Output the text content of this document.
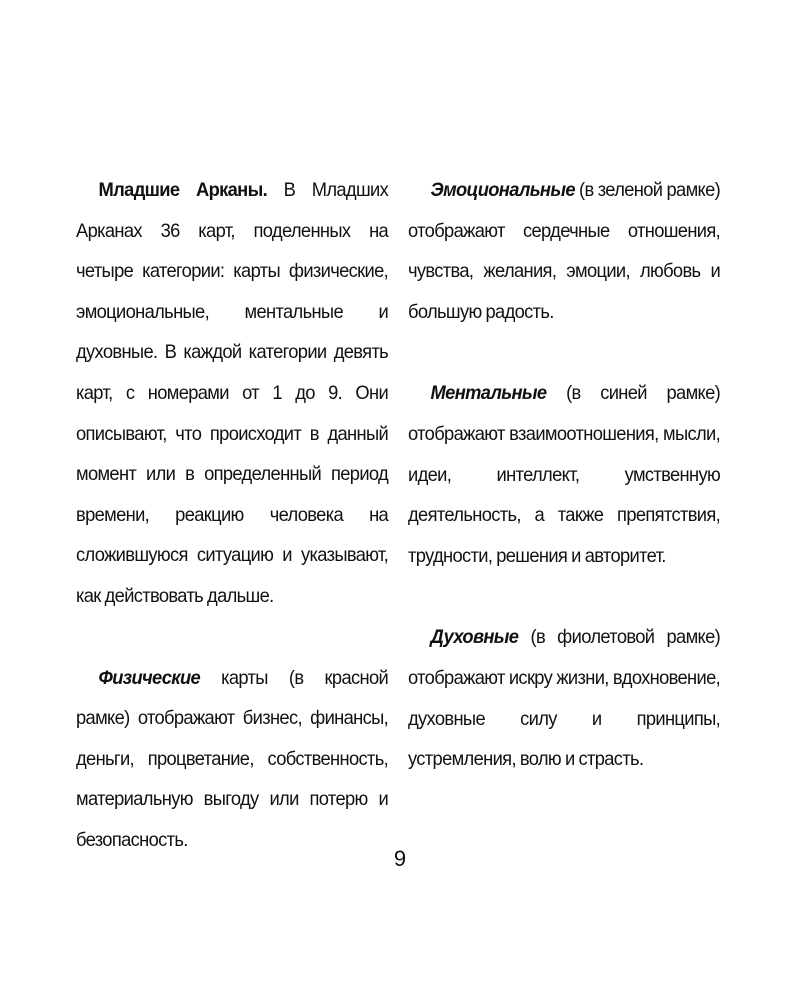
Младшие Арканы. В Младших Арканах 36 карт, поделенных на четыре категории: карты физические, эмоциональные, ментальные и духовные. В каждой категории девять карт, с номерами от 1 до 9. Они описывают, что происходит в данный момент или в определенный период времени, реакцию человека на сложившуюся ситуацию и указывают, как действовать дальше.

Физические карты (в красной рамке) отображают бизнес, финансы, деньги, процветание, собственность, материальную выгоду или потерю и безопасность.

Эмоциональные (в зеленой рамке) отображают сердечные отношения, чувства, желания, эмоции, любовь и большую радость.

Ментальные (в синей рамке) отображают взаимоотношения, мысли, идеи, интеллект, умственную деятельность, а также препятствия, трудности, решения и авторитет.

Духовные (в фиолетовой рамке) отображают искру жизни, вдохновение, духовные силу и принципы, устремления, волю и страсть.

9
